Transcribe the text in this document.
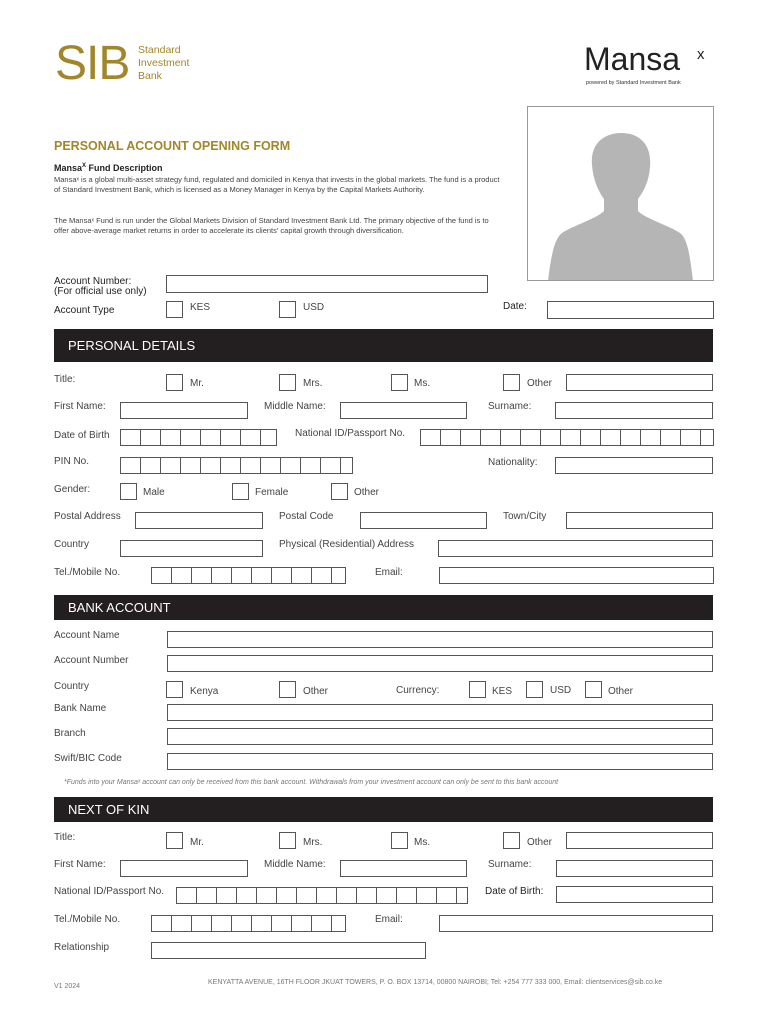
SIB Standard
Investment
Bank	Mansa x
powered by Standard Investment Bank
PERSONAL ACCOUNT OPENING FORM
Mansa$^X$ Fund Description
Mansaˣ is a global multi-asset strategy fund, regulated and domiciled in Kenya that invests in the global markets. The fund is a product of Standard Investment Bank, which is licensed as a Money Manager in Kenya by the Capital Markets Authority.
The Mansaˣ Fund is run under the Global Markets Division of Standard Investment Bank Ltd. The primary objective of the fund is to offer above-average market returns in order to accelerate its clients' capital growth through diversification.
Account Number:
(For official use only)
Account Type	KES	USD	Date:
PERSONAL DETAILS
Title:	Mr.	Mrs.	Ms.	Other
First Name:	Middle Name:	Surname:
Date of Birth	National ID/Passport No.
PIN No.	Nationality:
Gender:	Male	Female	Other
Postal Address	Postal Code	Town/City
Country	Physical (Residential) Address
Tel./Mobile No.	Email:
BANK ACCOUNT
Account Name
Account Number
Country	Kenya	Other	Currency:	KES	USD	Other
Bank Name
Branch
Swift/BIC Code
*Funds into your Mansaˣ account can only be received from this bank account. Withdrawals from your investment account can only be sent to this bank account
NEXT OF KIN
Title:	Mr.	Mrs.	Ms.	Other
First Name:	Middle Name:	Surname:
National ID/Passport No.	Date of Birth:
Tel./Mobile No.	Email:
Relationship
V1 2024
KENYATTA AVENUE, 16TH FLOOR JKUAT TOWERS, P. O. BOX 13714, 00800 NAIROBI; Tel: +254 777 333 000, Email: clientservices@sib.co.ke
